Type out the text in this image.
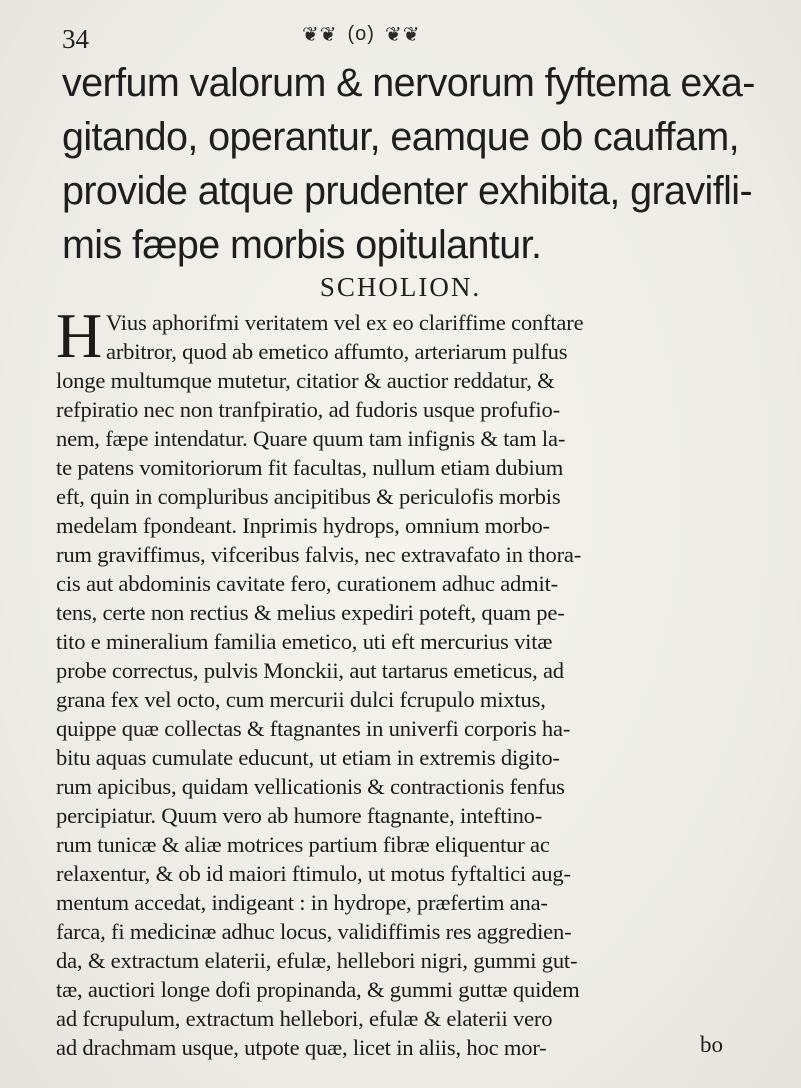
34	❦❦ (o) ❦❦
verfum valorum & nervorum fyftema exa-
gitando, operantur, eamque ob cauffam,
provide atque prudenter exhibita, gravifli-
mis fæpe morbis opitulantur.
SCHOLION.
H Vius aphorifmi veritatem vel ex eo clariffime conftare
arbitror, quod ab emetico affumto, arteriarum pulfus
longe multumque mutetur, citatior & auctior reddatur, &
refpiratio nec non tranfpiratio, ad fudoris usque profufio-
nem, fæpe intendatur. Quare quum tam infignis & tam la-
te patens vomitoriorum fit facultas, nullum etiam dubium
eft, quin in compluribus ancipitibus & periculofis morbis
medelam fpondeant. Inprimis hydrops, omnium morbo-
rum graviffimus, vifceribus falvis, nec extravafato in thora-
cis aut abdominis cavitate fero, curationem adhuc admit-
tens, certe non rectius & melius expediri poteft, quam pe-
tito e mineralium familia emetico, uti eft mercurius vitæ
probe correctus, pulvis Monckii, aut tartarus emeticus, ad
grana fex vel octo, cum mercurii dulci fcrupulo mixtus,
quippe quæ collectas & ftagnantes in univerfi corporis ha-
bitu aquas cumulate educunt, ut etiam in extremis digito-
rum apicibus, quidam vellicationis & contractionis fenfus
percipiatur. Quum vero ab humore ftagnante, inteftino-
rum tunicæ & aliæ motrices partium fibræ eliquentur ac
relaxentur, & ob id maiori ftimulo, ut motus fyftaltici aug-
mentum accedat, indigeant : in hydrope, præfertim ana-
farca, fi medicinæ adhuc locus, validiffimis res aggredien-
da, & extractum elaterii, efulæ, hellebori nigri, gummi gut-
tæ, auctiori longe dofi propinanda, & gummi guttæ quidem
ad fcrupulum, extractum hellebori, efulæ & elaterii vero
ad drachmam usque, utpote quæ, licet in aliis, hoc mor-	bo
